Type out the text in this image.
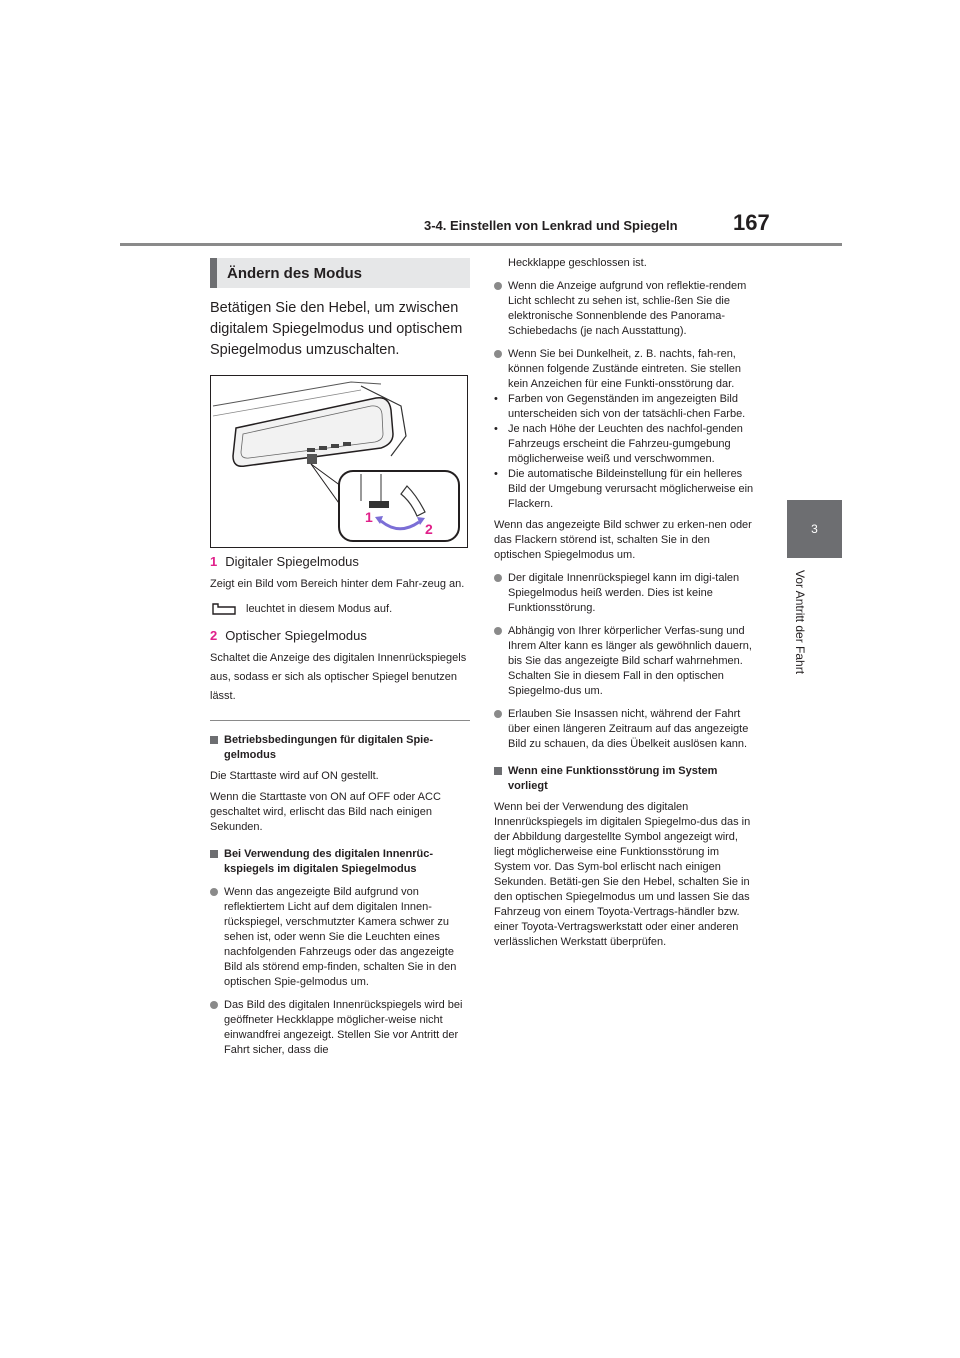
3-4. Einstellen von Lenkrad und Spiegeln	167
3
Vor Antritt der Fahrt
Ändern des Modus
Betätigen Sie den Hebel, um zwischen digitalem Spiegelmodus und optischem Spiegelmodus umzuschalten.
1
2
1 Digitaler Spiegelmodus
Zeigt ein Bild vom Bereich hinter dem Fahr-zeug an.
leuchtet in diesem Modus auf.
2 Optischer Spiegelmodus
Schaltet die Anzeige des digitalen Innenrückspiegels aus, sodass er sich als optischer Spiegel benutzen lässt.
Betriebsbedingungen für digitalen Spie-gelmodus
Die Starttaste wird auf ON gestellt.
Wenn die Starttaste von ON auf OFF oder ACC geschaltet wird, erlischt das Bild nach einigen Sekunden.
Bei Verwendung des digitalen Innenrüc-kspiegels im digitalen Spiegelmodus
Wenn das angezeigte Bild aufgrund von reflektiertem Licht auf dem digitalen Innen-rückspiegel, verschmutzter Kamera schwer zu sehen ist, oder wenn Sie die Leuchten eines nachfolgenden Fahrzeugs oder das angezeigte Bild als störend emp-finden, schalten Sie in den optischen Spie-gelmodus um.
Das Bild des digitalen Innenrückspiegels wird bei geöffneter Heckklappe möglicher-weise nicht einwandfrei angezeigt. Stellen Sie vor Antritt der Fahrt sicher, dass die
Heckklappe geschlossen ist.
Wenn die Anzeige aufgrund von reflektie-rendem Licht schlecht zu sehen ist, schlie-ßen Sie die elektronische Sonnenblende des Panorama-Schiebedachs (je nach Ausstattung).
Wenn Sie bei Dunkelheit, z. B. nachts, fah-ren, können folgende Zustände eintreten. Sie stellen kein Anzeichen für eine Funkti-onsstörung dar.
• Farben von Gegenständen im angezeigten Bild unterscheiden sich von der tatsächli-chen Farbe.
• Je nach Höhe der Leuchten des nachfol-genden Fahrzeugs erscheint die Fahrzeu-gumgebung möglicherweise weiß und verschwommen.
• Die automatische Bildeinstellung für ein helleres Bild der Umgebung verursacht möglicherweise ein Flackern.
Wenn das angezeigte Bild schwer zu erken-nen oder das Flackern störend ist, schalten Sie in den optischen Spiegelmodus um.
Der digitale Innenrückspiegel kann im digi-talen Spiegelmodus heiß werden. Dies ist keine Funktionsstörung.
Abhängig von Ihrer körperlicher Verfas-sung und Ihrem Alter kann es länger als gewöhnlich dauern, bis Sie das angezeigte Bild scharf wahrnehmen. Schalten Sie in diesem Fall in den optischen Spiegelmo-dus um.
Erlauben Sie Insassen nicht, während der Fahrt über einen längeren Zeitraum auf das angezeigte Bild zu schauen, da dies Übelkeit auslösen kann.
Wenn eine Funktionsstörung im System vorliegt
Wenn bei der Verwendung des digitalen Innenrückspiegels im digitalen Spiegelmo-dus das in der Abbildung dargestellte Symbol angezeigt wird, liegt möglicherweise eine Funktionsstörung im System vor. Das Sym-bol erlischt nach einigen Sekunden. Betäti-gen Sie den Hebel, schalten Sie in den optischen Spiegelmodus um und lassen Sie das Fahrzeug von einem Toyota-Vertrags-händler bzw. einer Toyota-Vertragswerkstatt oder einer anderen verlässlichen Werkstatt überprüfen.
